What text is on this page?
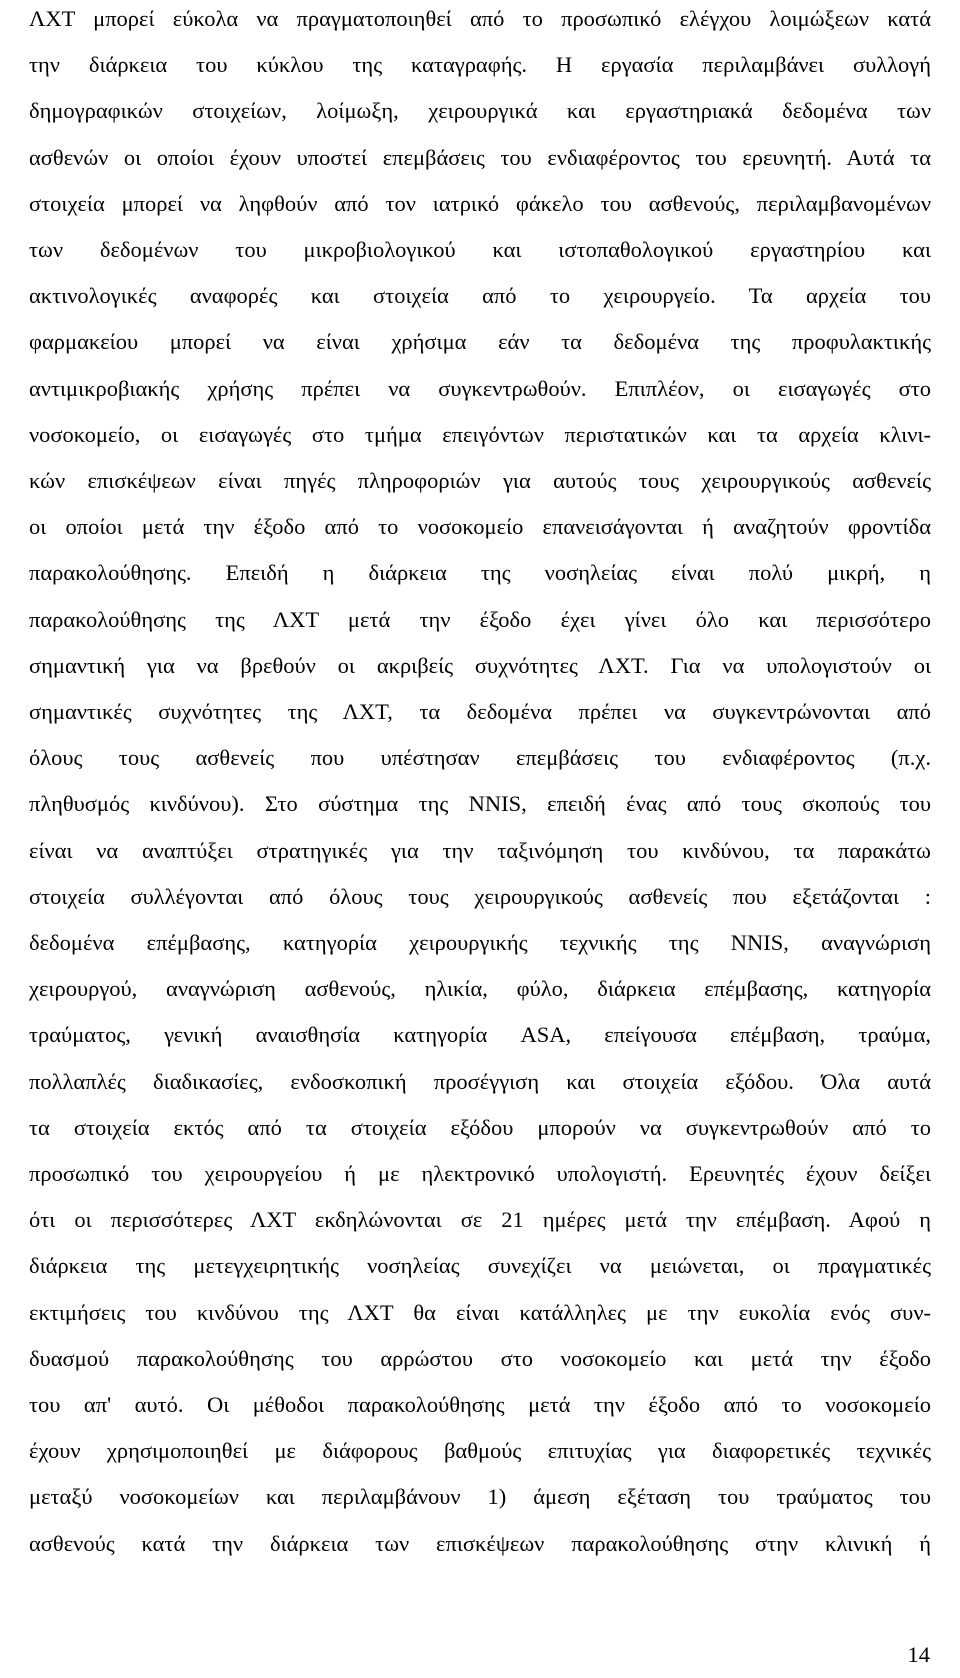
ΛΧΤ μπορεί εύκολα να πραγματοποιηθεί από το προσωπικό ελέγχου λοιμώξεων κατά
την διάρκεια του κύκλου της καταγραφής. Η εργασία περιλαμβάνει συλλογή
δημογραφικών στοιχείων, λοίμωξη, χειρουργικά και εργαστηριακά δεδομένα των
ασθενών οι οποίοι έχουν υποστεί επεμβάσεις του ενδιαφέροντος του ερευνητή. Αυτά τα
στοιχεία μπορεί να ληφθούν από τον ιατρικό φάκελο του ασθενούς, περιλαμβανομένων
των δεδομένων του μικροβιολογικού και ιστοπαθολογικού εργαστηρίου και
ακτινολογικές αναφορές και στοιχεία από το χειρουργείο. Τα αρχεία του
φαρμακείου μπορεί να είναι χρήσιμα εάν τα δεδομένα της προφυλακτικής
αντιμικροβιακής χρήσης πρέπει να συγκεντρωθούν. Επιπλέον, οι εισαγωγές στο
νοσοκομείο, οι εισαγωγές στο τμήμα επειγόντων περιστατικών και τα αρχεία κλινι-
κών επισκέψεων είναι πηγές πληροφοριών για αυτούς τους χειρουργικούς ασθενείς
οι οποίοι μετά την έξοδο από το νοσοκομείο επανεισάγονται ή αναζητούν φροντίδα
παρακολούθησης. Επειδή η διάρκεια της νοσηλείας είναι πολύ μικρή, η
παρακολούθησης της ΛΧΤ μετά την έξοδο έχει γίνει όλο και περισσότερο
σημαντική για να βρεθούν οι ακριβείς συχνότητες ΛΧΤ. Για να υπολογιστούν οι
σημαντικές συχνότητες της ΛΧΤ, τα δεδομένα πρέπει να συγκεντρώνονται από
όλους τους ασθενείς που υπέστησαν επεμβάσεις του ενδιαφέροντος (π.χ.
πληθυσμός κινδύνου). Στο σύστημα της NNIS, επειδή ένας από τους σκοπούς του
είναι να αναπτύξει στρατηγικές για την ταξινόμηση του κινδύνου, τα παρακάτω
στοιχεία συλλέγονται από όλους τους χειρουργικούς ασθενείς που εξετάζονται :
δεδομένα επέμβασης, κατηγορία χειρουργικής τεχνικής της NNIS, αναγνώριση
χειρουργού, αναγνώριση ασθενούς, ηλικία, φύλο, διάρκεια επέμβασης, κατηγορία
τραύματος, γενική αναισθησία κατηγορία ASA, επείγουσα επέμβαση, τραύμα,
πολλαπλές διαδικασίες, ενδοσκοπική προσέγγιση και στοιχεία εξόδου. Όλα αυτά
τα στοιχεία εκτός από τα στοιχεία εξόδου μπορούν να συγκεντρωθούν από το
προσωπικό του χειρουργείου ή με ηλεκτρονικό υπολογιστή. Ερευνητές έχουν δείξει
ότι οι περισσότερες ΛΧΤ εκδηλώνονται σε 21 ημέρες μετά την επέμβαση. Αφού η
διάρκεια της μετεγχειρητικής νοσηλείας συνεχίζει να μειώνεται, οι πραγματικές
εκτιμήσεις του κινδύνου της ΛΧΤ θα είναι κατάλληλες με την ευκολία ενός συν-
δυασμού παρακολούθησης του αρρώστου στο νοσοκομείο και μετά την έξοδο
του απ' αυτό. Οι μέθοδοι παρακολούθησης μετά την έξοδο από το νοσοκομείο
έχουν χρησιμοποιηθεί με διάφορους βαθμούς επιτυχίας για διαφορετικές τεχνικές
μεταξύ νοσοκομείων και περιλαμβάνουν 1) άμεση εξέταση του τραύματος του
ασθενούς κατά την διάρκεια των επισκέψεων παρακολούθησης στην κλινική ή
14
